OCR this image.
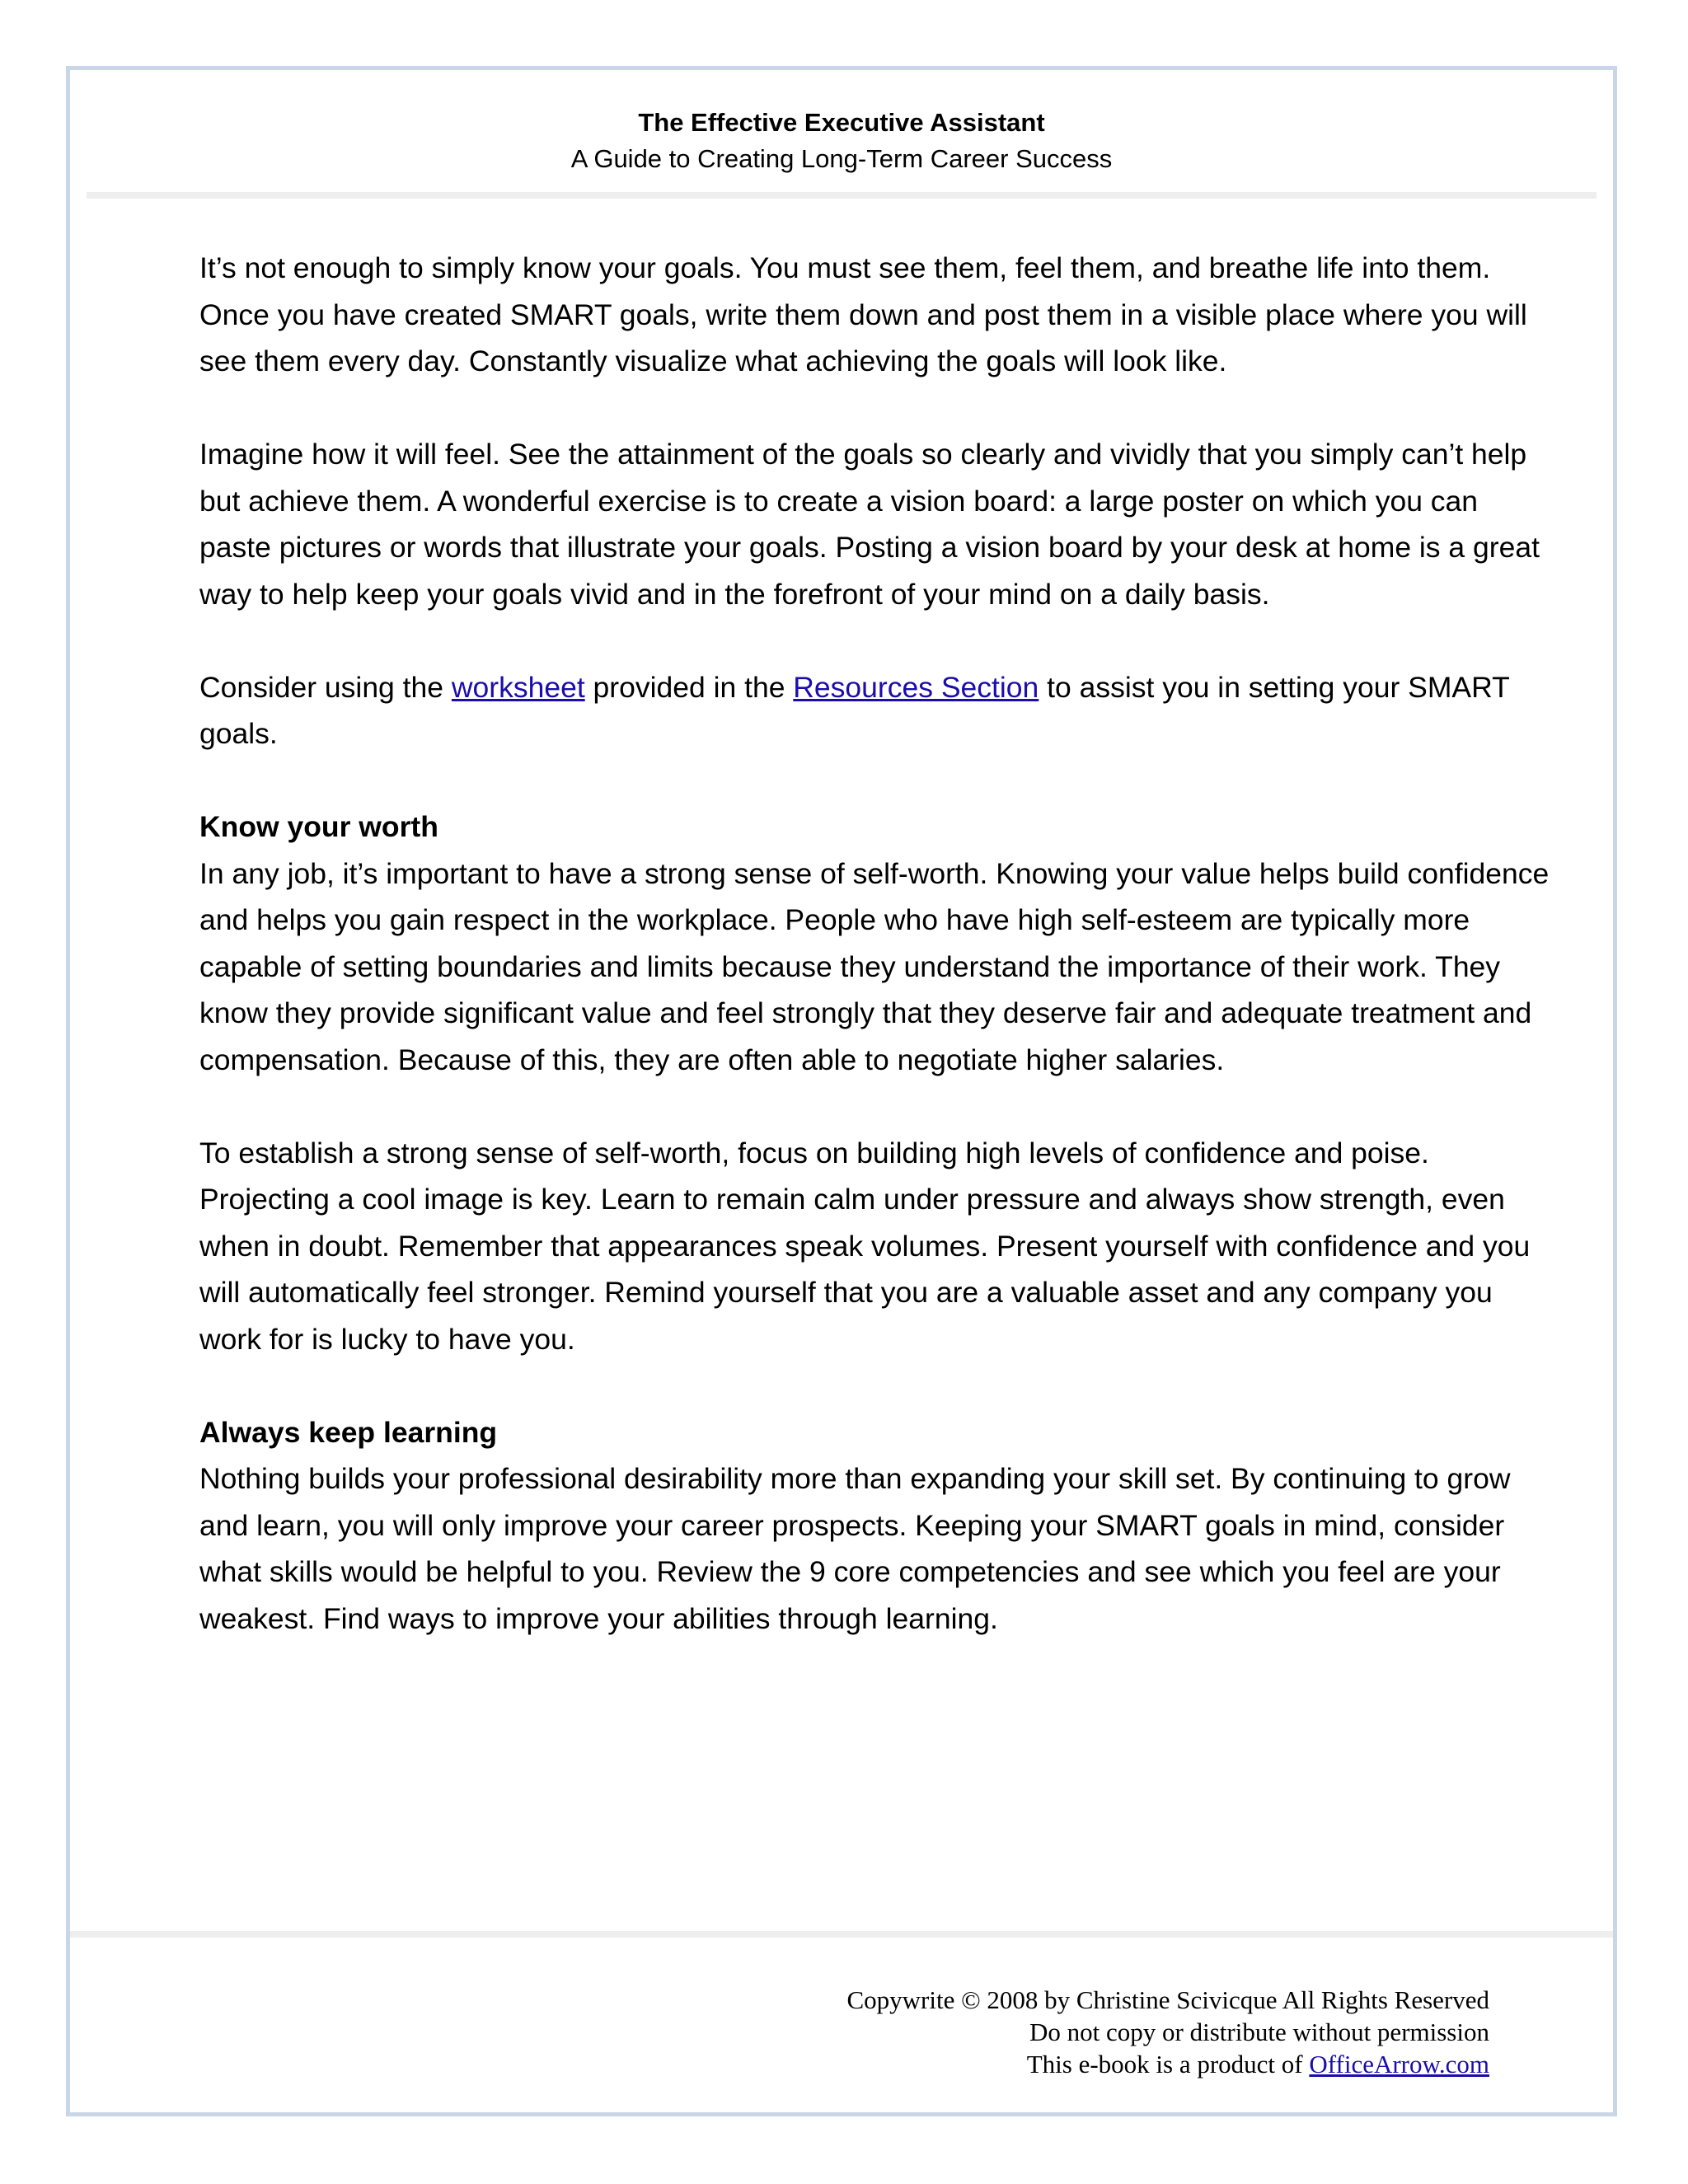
The Effective Executive Assistant
A Guide to Creating Long-Term Career Success

It’s not enough to simply know your goals. You must see them, feel them, and breathe life into them. Once you have created SMART goals, write them down and post them in a visible place where you will see them every day. Constantly visualize what achieving the goals will look like.

Imagine how it will feel. See the attainment of the goals so clearly and vividly that you simply can’t help but achieve them. A wonderful exercise is to create a vision board: a large poster on which you can paste pictures or words that illustrate your goals. Posting a vision board by your desk at home is a great way to help keep your goals vivid and in the forefront of your mind on a daily basis.

Consider using the worksheet provided in the Resources Section to assist you in setting your SMART goals.

Know your worth

In any job, it’s important to have a strong sense of self-worth. Knowing your value helps build confidence and helps you gain respect in the workplace. People who have high self-esteem are typically more capable of setting boundaries and limits because they understand the importance of their work. They know they provide significant value and feel strongly that they deserve fair and adequate treatment and compensation. Because of this, they are often able to negotiate higher salaries.

To establish a strong sense of self-worth, focus on building high levels of confidence and poise. Projecting a cool image is key. Learn to remain calm under pressure and always show strength, even when in doubt. Remember that appearances speak volumes. Present yourself with confidence and you will automatically feel stronger. Remind yourself that you are a valuable asset and any company you work for is lucky to have you.

Always keep learning

Nothing builds your professional desirability more than expanding your skill set. By continuing to grow and learn, you will only improve your career prospects. Keeping your SMART goals in mind, consider what skills would be helpful to you. Review the 9 core competencies and see which you feel are your weakest. Find ways to improve your abilities through learning.

Copywrite © 2008 by Christine Scivicque All Rights Reserved
Do not copy or distribute without permission
This e-book is a product of OfficeArrow.com
